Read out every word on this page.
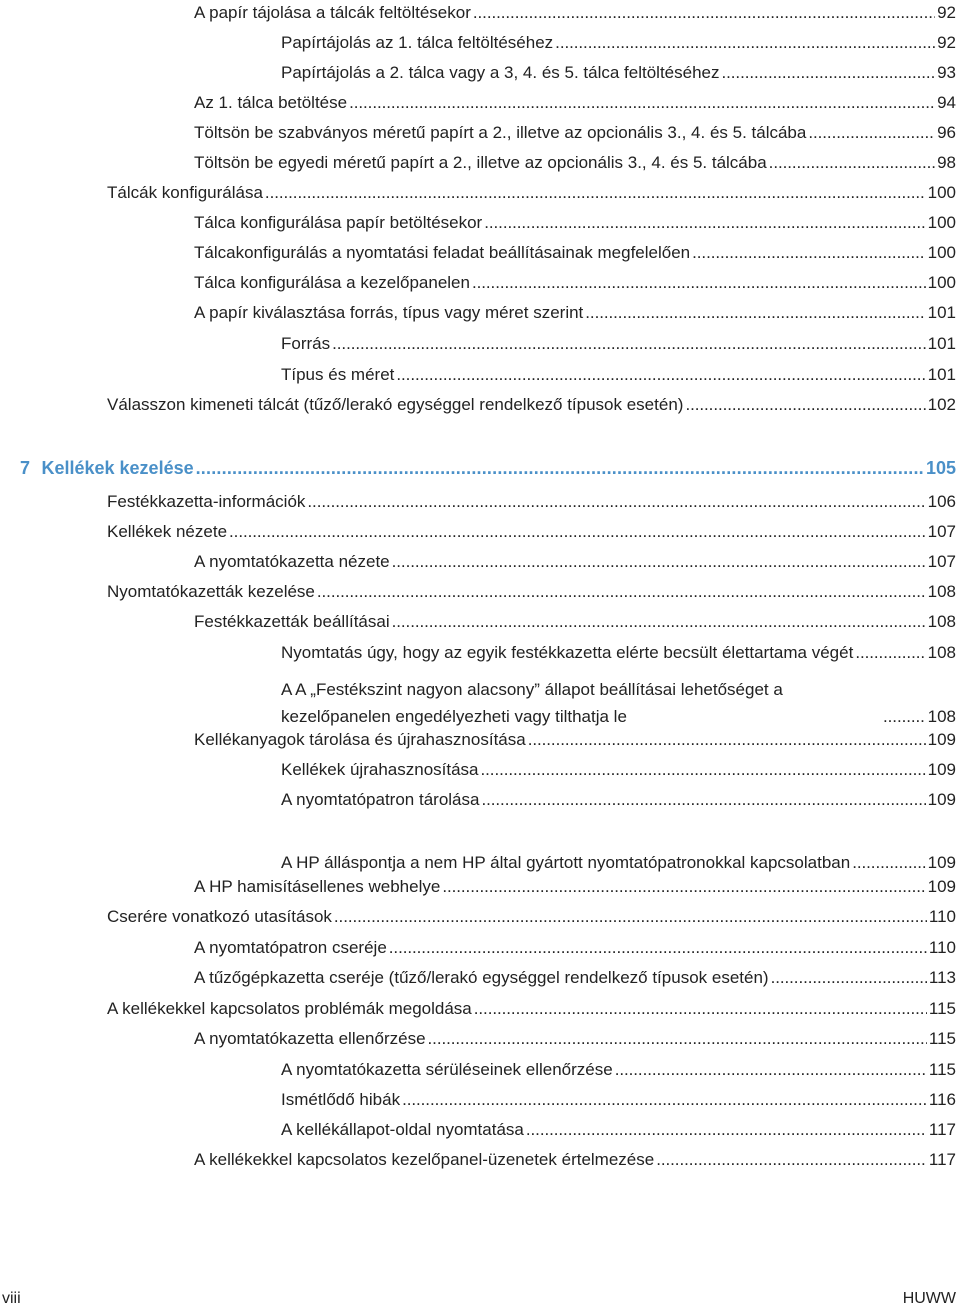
A papír tájolása a tálcák feltöltésekor . . .	92
Papírtájolás az 1. tálca feltöltéséhez . . .	92
Papírtájolás a 2. tálca vagy a 3, 4. és 5. tálca feltöltéséhez . . .	93
Az 1. tálca betöltése . . .	94
Töltsön be szabványos méretű papírt a 2., illetve az opcionális 3., 4. és 5. tálcába . . .	96
Töltsön be egyedi méretű papírt a 2., illetve az opcionális 3., 4. és 5. tálcába . . .	98
Tálcák konfigurálása . . .	100
Tálca konfigurálása papír betöltésekor . . .	100
Tálcakonfigurálás a nyomtatási feladat beállításainak megfelelően . . .	100
Tálca konfigurálása a kezelőpanelen . . .	100
A papír kiválasztása forrás, típus vagy méret szerint . . .	101
Forrás . . .	101
Típus és méret . . .	101
Válasszon kimeneti tálcát (tűző/lerakó egységgel rendelkező típusok esetén) . . .	102
7 Kellékek kezelése . . .	105
Festékkazetta-információk . . .	106
Kellékek nézete . . .	107
A nyomtatókazetta nézete . . .	107
Nyomtatókazetták kezelése . . .	108
Festékkazetták beállításai . . .	108
Nyomtatás úgy, hogy az egyik festékkazetta elérte becsült élettartama végét . . .	108
A A „Festékszint nagyon alacsony” állapot beállításai lehetőséget a kezelőpanelen engedélyezheti vagy tilthatja le . . .	108
Kellékanyagok tárolása és újrahasznosítása . . .	109
Kellékek újrahasznosítása . . .	109
A nyomtatópatron tárolása . . .	109
A HP álláspontja a nem HP által gyártott nyomtatópatronokkal kapcsolatban . . .	109
A HP hamisításellenes webhelye . . .	109
Cserére vonatkozó utasítások . . .	110
A nyomtatópatron cseréje . . .	110
A tűzőgépkazetta cseréje (tűző/lerakó egységgel rendelkező típusok esetén) . . .	113
A kellékekkel kapcsolatos problémák megoldása . . .	115
A nyomtatókazetta ellenőrzése . . .	115
A nyomtatókazetta sérüléseinek ellenőrzése . . .	115
Ismétlődő hibák . . .	116
A kellékállapot-oldal nyomtatása . . .	117
A kellékekkel kapcsolatos kezelőpanel-üzenetek értelmezése . . .	117
viii	HUWW
